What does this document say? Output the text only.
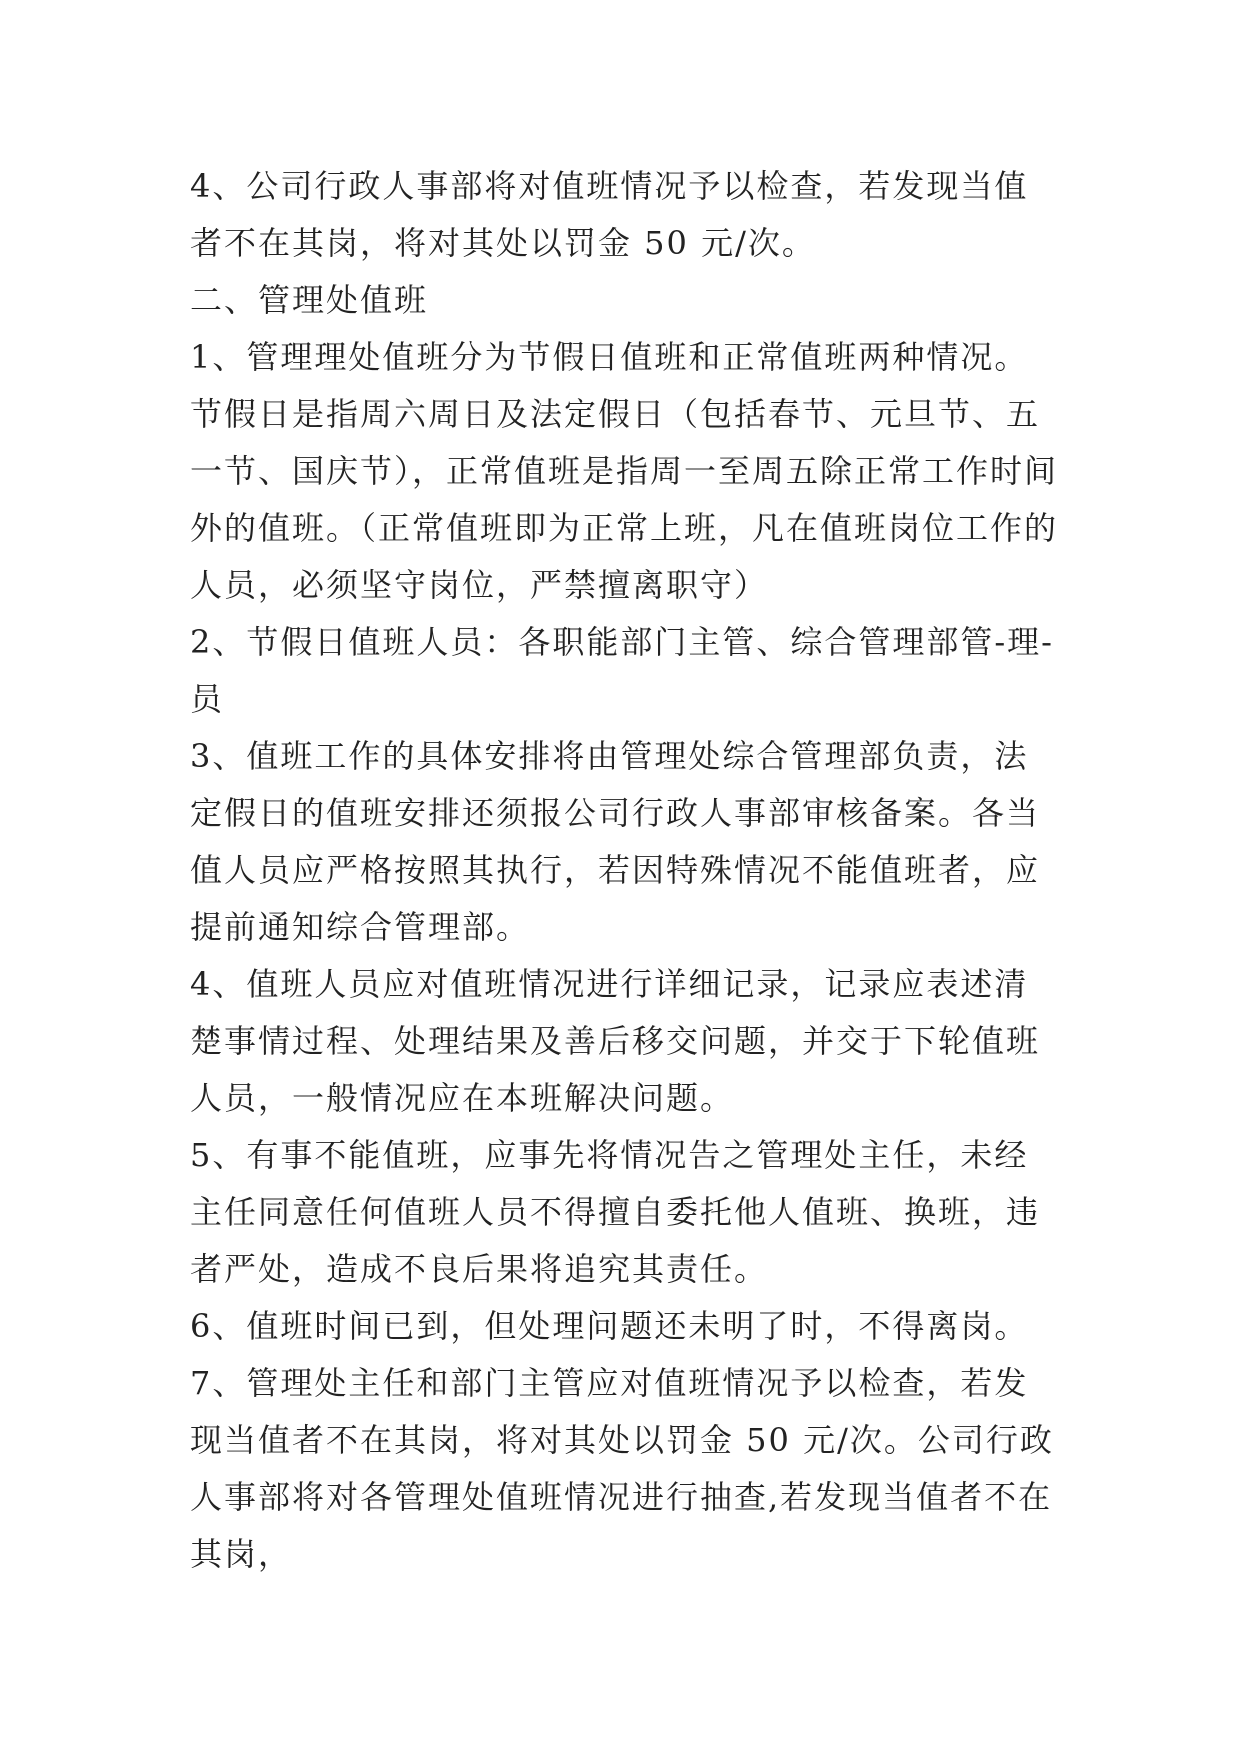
4、公司行政人事部将对值班情况予以检查，若发现当值者不在其岗，将对其处以罚金 50 元/次。

二、管理处值班

1、管理理处值班分为节假日值班和正常值班两种情况。节假日是指周六周日及法定假日（包括春节、元旦节、五一节、国庆节），正常值班是指周一至周五除正常工作时间外的值班。（正常值班即为正常上班，凡在值班岗位工作的人员，必须坚守岗位，严禁擅离职守）

2、节假日值班人员：各职能部门主管、综合管理部管-理-员

3、值班工作的具体安排将由管理处综合管理部负责，法定假日的值班安排还须报公司行政人事部审核备案。各当值人员应严格按照其执行，若因特殊情况不能值班者，应提前通知综合管理部。

4、值班人员应对值班情况进行详细记录，记录应表述清楚事情过程、处理结果及善后移交问题，并交于下轮值班人员，一般情况应在本班解决问题。

5、有事不能值班，应事先将情况告之管理处主任，未经主任同意任何值班人员不得擅自委托他人值班、换班，违者严处，造成不良后果将追究其责任。

6、值班时间已到，但处理问题还未明了时，不得离岗。

7、管理处主任和部门主管应对值班情况予以检查，若发现当值者不在其岗，将对其处以罚金 50 元/次。公司行政人事部将对各管理处值班情况进行抽查,若发现当值者不在其岗，
